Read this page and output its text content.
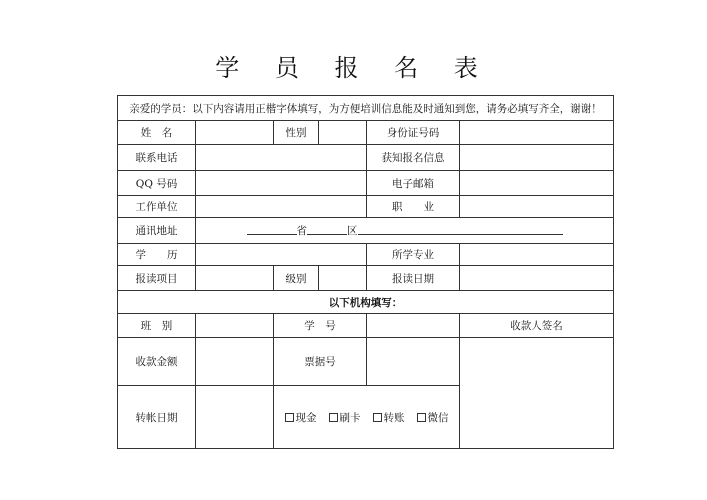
学 员 报 名 表
亲爱的学员：以下内容请用正楷字体填写，为方便培训信息能及时通知到您，请务必填写齐全，谢谢！					
姓　名		性别		身份证号码	
联系电话				获知报名信息	
QQ 号码				电子邮箱	
工作单位				职　　业	
通讯地址	省 区				
学　　历				所学专业	
报读项目		级别		报读日期	
以下机构填写：					
班　别		学　号			收款人签名
收款金额		票据号			
转帐日期		现金 刷卡 转账 微信			
